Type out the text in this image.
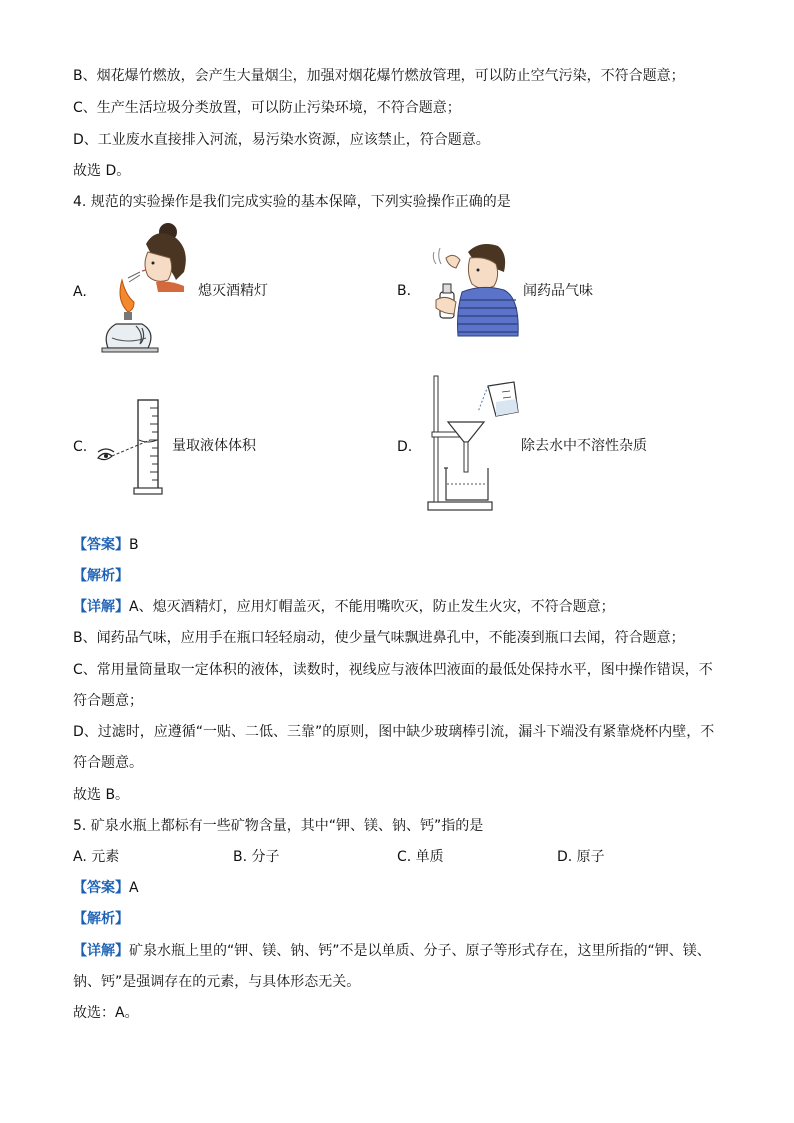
B、烟花爆竹燃放，会产生大量烟尘，加强对烟花爆竹燃放管理，可以防止空气污染，不符合题意；
C、生产生活垃圾分类放置，可以防止污染环境，不符合题意；
D、工业废水直接排入河流，易污染水资源，应该禁止，符合题意。
故选 D。
4. 规范的实验操作是我们完成实验的基本保障，下列实验操作正确的是
A.	熄灭酒精灯	B.	闻药品气味
C.	量取液体体积	D.	除去水中不溶性杂质
【答案】B
【解析】
【详解】A、熄灭酒精灯，应用灯帽盖灭，不能用嘴吹灭，防止发生火灾，不符合题意；
B、闻药品气味，应用手在瓶口轻轻扇动，使少量气味飘进鼻孔中，不能凑到瓶口去闻，符合题意；
C、常用量筒量取一定体积的液体，读数时，视线应与液体凹液面的最低处保持水平，图中操作错误，不
符合题意；
D、过滤时，应遵循“一贴、二低、三靠”的原则，图中缺少玻璃棒引流，漏斗下端没有紧靠烧杯内壁，不
符合题意。
故选 B。
5. 矿泉水瓶上都标有一些矿物含量，其中“钾、镁、钠、钙”指的是
A. 元素	B. 分子	C. 单质	D. 原子
【答案】A
【解析】
【详解】矿泉水瓶上里的“钾、镁、钠、钙”不是以单质、分子、原子等形式存在，这里所指的“钾、镁、
钠、钙”是强调存在的元素，与具体形态无关。
故选：A。
